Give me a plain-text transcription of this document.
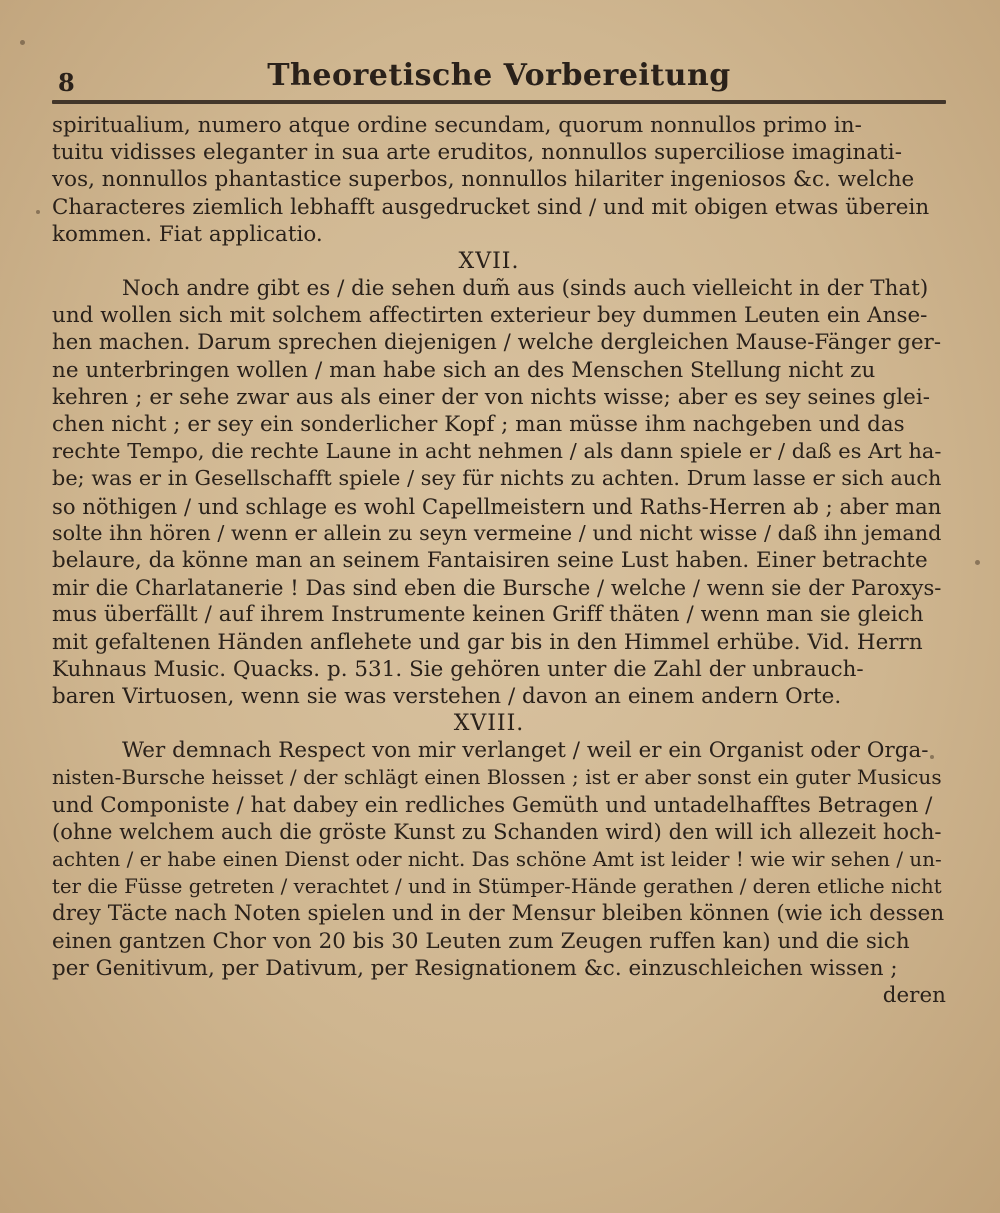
8	Theoretische Vorbereitung
spiritualium, numero atque ordine secundam, quorum nonnullos primo in-
tuitu vidisses eleganter in sua arte eruditos, nonnullos superciliose imaginati-
vos, nonnullos phantastice superbos, nonnullos hilariter ingeniosos &c. welche
Characteres ziemlich lebhafft ausgedrucket sind / und mit obigen etwas überein
kommen. Fiat applicatio.
XVII.
Noch andre gibt es / die sehen dum̃ aus (sinds auch vielleicht in der That)
und wollen sich mit solchem affectirten exterieur bey dummen Leuten ein Anse-
hen machen. Darum sprechen diejenigen / welche dergleichen Mause-Fänger ger-
ne unterbringen wollen / man habe sich an des Menschen Stellung nicht zu
kehren ; er sehe zwar aus als einer der von nichts wisse; aber es sey seines glei-
chen nicht ; er sey ein sonderlicher Kopf ; man müsse ihm nachgeben und das
rechte Tempo, die rechte Laune in acht nehmen / als dann spiele er / daß es Art ha-
be; was er in Gesellschafft spiele / sey für nichts zu achten. Drum lasse er sich auch
so nöthigen / und schlage es wohl Capellmeistern und Raths-Herren ab ; aber man
solte ihn hören / wenn er allein zu seyn vermeine / und nicht wisse / daß ihn jemand
belaure, da könne man an seinem Fantaisiren seine Lust haben. Einer betrachte
mir die Charlatanerie ! Das sind eben die Bursche / welche / wenn sie der Paroxys-
mus überfällt / auf ihrem Instrumente keinen Griff thäten / wenn man sie gleich
mit gefaltenen Händen anflehete und gar bis in den Himmel erhübe. Vid. Herrn
Kuhnaus Music. Quacks. p. 531. Sie gehören unter die Zahl der unbrauch-
baren Virtuosen, wenn sie was verstehen / davon an einem andern Orte.
XVIII.
Wer demnach Respect von mir verlanget / weil er ein Organist oder Orga-
nisten-Bursche heisset / der schlägt einen Blossen ; ist er aber sonst ein guter Musicus
und Componiste / hat dabey ein redliches Gemüth und untadelhafftes Betragen /
(ohne welchem auch die gröste Kunst zu Schanden wird) den will ich allezeit hoch-
achten / er habe einen Dienst oder nicht. Das schöne Amt ist leider ! wie wir sehen / un-
ter die Füsse getreten / verachtet / und in Stümper-Hände gerathen / deren etliche nicht
drey Täcte nach Noten spielen und in der Mensur bleiben können (wie ich dessen
einen gantzen Chor von 20 bis 30 Leuten zum Zeugen ruffen kan) und die sich
per Genitivum, per Dativum, per Resignationem &c. einzuschleichen wissen ;
deren
